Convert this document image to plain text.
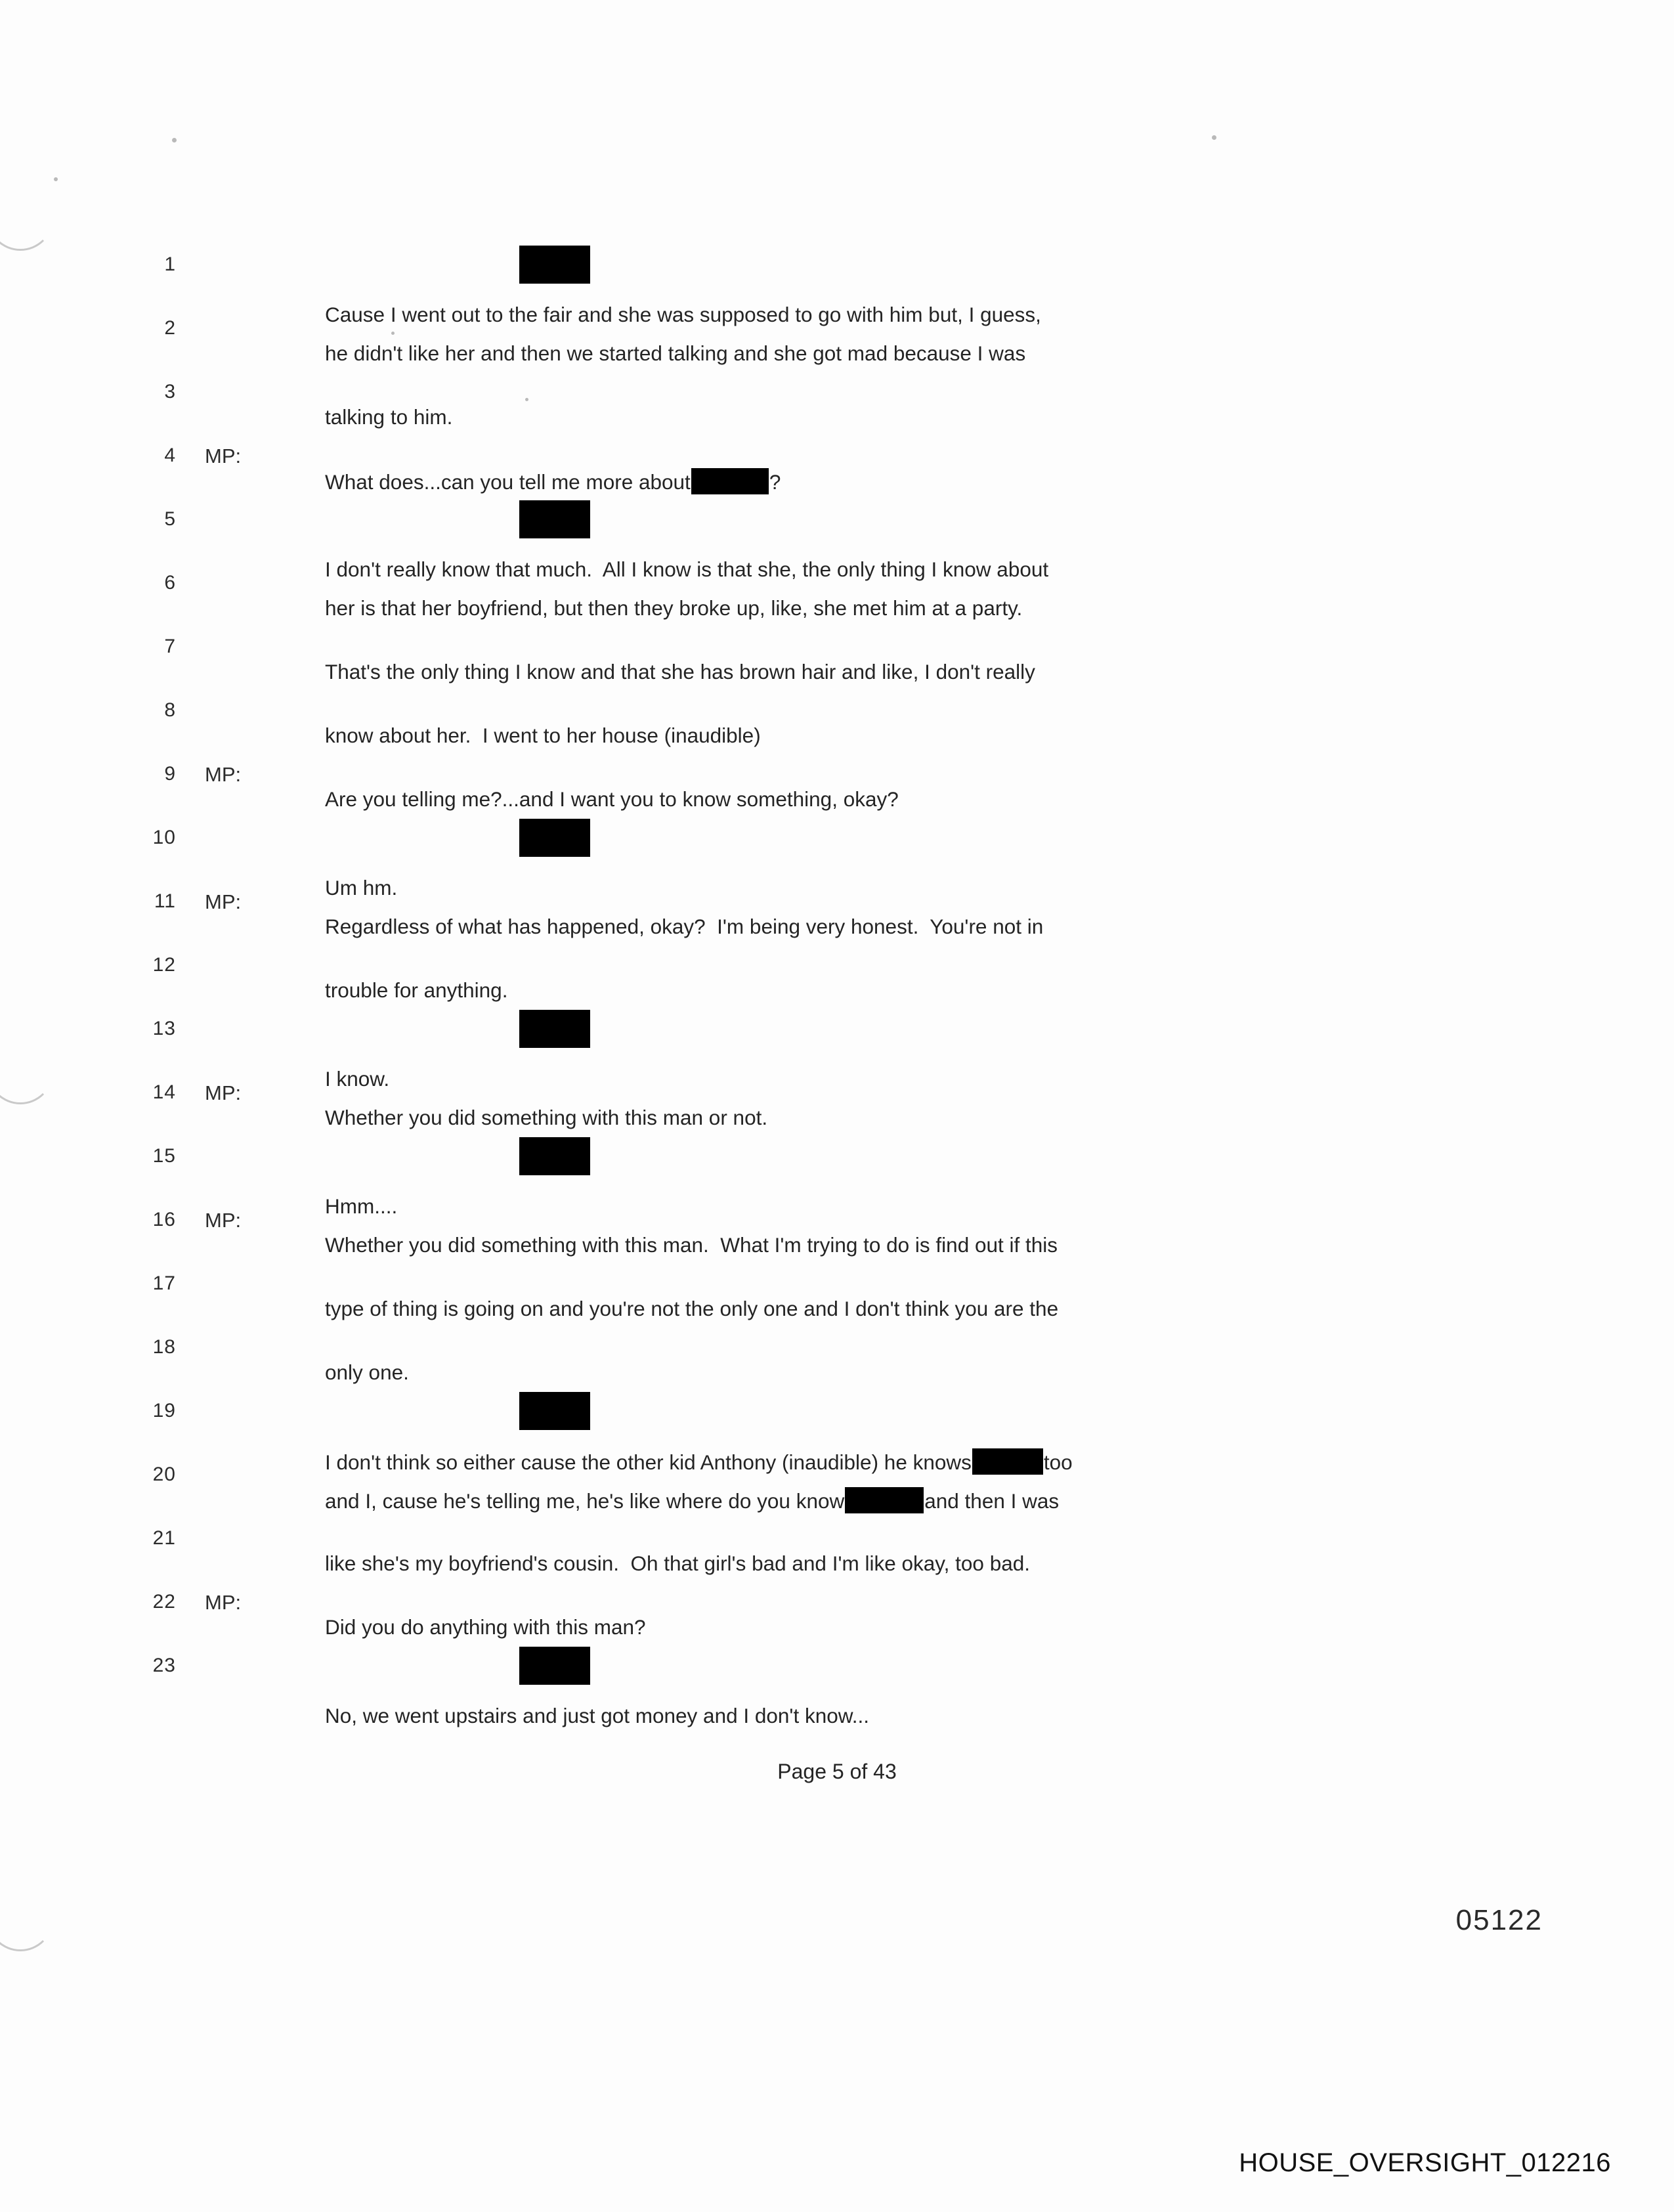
1

Cause I went out to the fair and she was supposed to go with him but, I guess,

2

he didn't like her and then we started talking and she got mad because I was

3

talking to him.

4	MP:

What does...can you tell me more about	?

5

I don't really know that much.  All I know is that she, the only thing I know about

6

her is that her boyfriend, but then they broke up, like, she met him at a party.

7

That's the only thing I know and that she has brown hair and like, I don't really

8

know about her.  I went to her house (inaudible)

9	MP:

Are you telling me?...and I want you to know something, okay?

10

Um hm.

11	MP:

Regardless of what has happened, okay?  I'm being very honest.  You're not in

12

trouble for anything.

13

I know.

14	MP:

Whether you did something with this man or not.

15

Hmm....

16	MP:

Whether you did something with this man.  What I'm trying to do is find out if this

17

type of thing is going on and you're not the only one and I don't think you are the

18

only one.

19

I don't think so either cause the other kid Anthony (inaudible) he knows	too

20

and I, cause he's telling me, he's like where do you know	and then I was

21

like she's my boyfriend's cousin.  Oh that girl's bad and I'm like okay, too bad.

22	MP:

Did you do anything with this man?

23

No, we went upstairs and just got money and I don't know...

Page 5 of 43
05122
HOUSE_OVERSIGHT_012216
